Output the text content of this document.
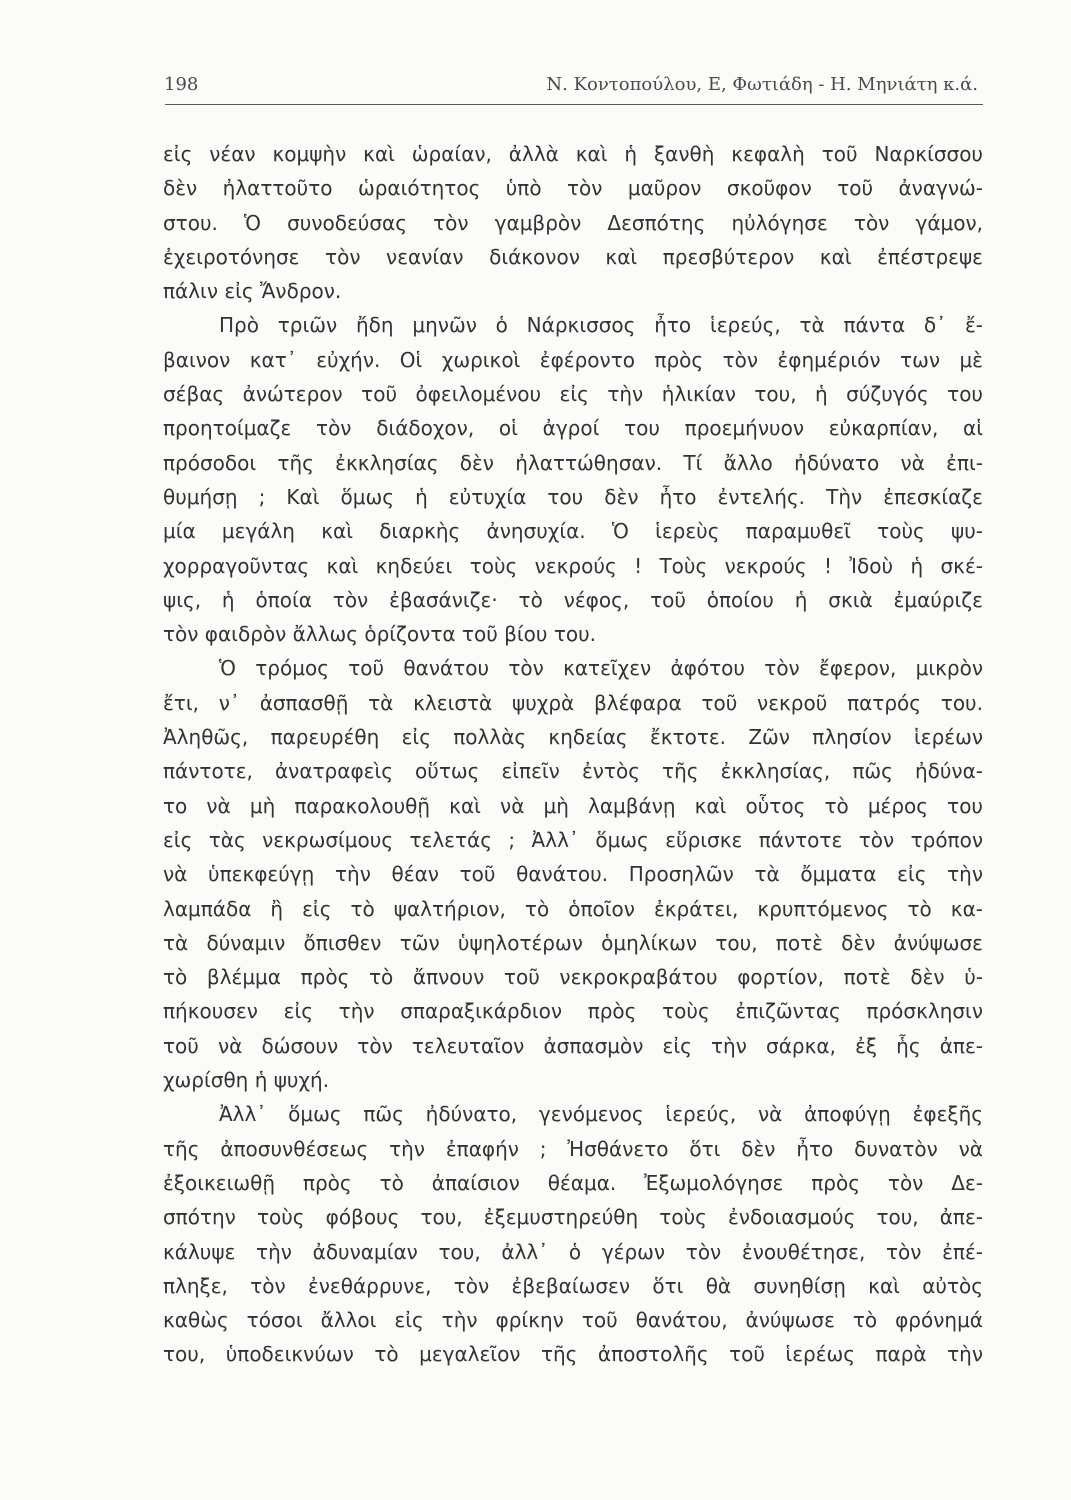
198	Ν. Κοντοπούλου, Ε, Φωτιάδη - Η. Μηνιάτη κ.ά.
εἰς νέαν κομψὴν καὶ ὡραίαν, ἀλλὰ καὶ ἡ ξανθὴ κεφαλὴ τοῦ Ναρκίσσου
δὲν ἠλαττοῦτο ὡραιότητος ὑπὸ τὸν μαῦρον σκοῦφον τοῦ ἀναγνώ-
στου. Ὁ συνοδεύσας τὸν γαμβρὸν Δεσπότης ηὐλόγησε τὸν γάμον,
ἐχειροτόνησε τὸν νεανίαν διάκονον καὶ πρεσβύτερον καὶ ἐπέστρεψε
πάλιν εἰς Ἄνδρον.
Πρὸ τριῶν ἤδη μηνῶν ὁ Νάρκισσος ἦτο ἱερεύς, τὰ πάντα δ᾽ ἔ-
βαινον κατ᾽ εὐχήν. Οἱ χωρικοὶ ἐφέροντο πρὸς τὸν ἐφημέριόν των μὲ
σέβας ἀνώτερον τοῦ ὀφειλομένου εἰς τὴν ἡλικίαν του, ἡ σύζυγός του
προητοίμαζε τὸν διάδοχον, οἱ ἀγροί του προεμήνυον εὐκαρπίαν, αἱ
πρόσοδοι τῆς ἐκκλησίας δὲν ἠλαττώθησαν. Τί ἄλλο ἠδύνατο νὰ ἐπι-
θυμήσῃ ; Καὶ ὅμως ἡ εὐτυχία του δὲν ἦτο ἐντελής. Τὴν ἐπεσκίαζε
μία μεγάλη καὶ διαρκὴς ἀνησυχία. Ὁ ἱερεὺς παραμυθεῖ τοὺς ψυ-
χορραγοῦντας καὶ κηδεύει τοὺς νεκρούς ! Τοὺς νεκρούς ! Ἰδοὺ ἡ σκέ-
ψις, ἡ ὁποία τὸν ἐβασάνιζε· τὸ νέφος, τοῦ ὁποίου ἡ σκιὰ ἐμαύριζε
τὸν φαιδρὸν ἄλλως ὁρίζοντα τοῦ βίου του.
Ὁ τρόμος τοῦ θανάτου τὸν κατεῖχεν ἀφότου τὸν ἔφερον, μικρὸν
ἔτι, ν᾽ ἀσπασθῇ τὰ κλειστὰ ψυχρὰ βλέφαρα τοῦ νεκροῦ πατρός του.
Ἀληθῶς, παρευρέθη εἰς πολλὰς κηδείας ἔκτοτε. Ζῶν πλησίον ἱερέων
πάντοτε, ἀνατραφεὶς οὕτως εἰπεῖν ἐντὸς τῆς ἐκκλησίας, πῶς ἠδύνα-
το νὰ μὴ παρακολουθῇ καὶ νὰ μὴ λαμβάνῃ καὶ οὗτος τὸ μέρος του
εἰς τὰς νεκρωσίμους τελετάς ; Ἀλλ᾽ ὅμως εὕρισκε πάντοτε τὸν τρόπον
νὰ ὑπεκφεύγῃ τὴν θέαν τοῦ θανάτου. Προσηλῶν τὰ ὄμματα εἰς τὴν
λαμπάδα ἢ εἰς τὸ ψαλτήριον, τὸ ὁποῖον ἐκράτει, κρυπτόμενος τὸ κα-
τὰ δύναμιν ὄπισθεν τῶν ὑψηλοτέρων ὁμηλίκων του, ποτὲ δὲν ἀνύψωσε
τὸ βλέμμα πρὸς τὸ ἄπνουν τοῦ νεκροκραβάτου φορτίον, ποτὲ δὲν ὑ-
πήκουσεν εἰς τὴν σπαραξικάρδιον πρὸς τοὺς ἐπιζῶντας πρόσκλησιν
τοῦ νὰ δώσουν τὸν τελευταῖον ἀσπασμὸν εἰς τὴν σάρκα, ἐξ ἧς ἀπε-
χωρίσθη ἡ ψυχή.
Ἀλλ᾽ ὅμως πῶς ἠδύνατο, γενόμενος ἱερεύς, νὰ ἀποφύγῃ ἐφεξῆς
τῆς ἀποσυνθέσεως τὴν ἐπαφήν ; Ἠσθάνετο ὅτι δὲν ἦτο δυνατὸν νὰ
ἐξοικειωθῇ πρὸς τὸ ἀπαίσιον θέαμα. Ἐξωμολόγησε πρὸς τὸν Δε-
σπότην τοὺς φόβους του, ἐξεμυστηρεύθη τοὺς ἐνδοιασμούς του, ἀπε-
κάλυψε τὴν ἀδυναμίαν του, ἀλλ᾽ ὁ γέρων τὸν ἐνουθέτησε, τὸν ἐπέ-
πληξε, τὸν ἐνεθάρρυνε, τὸν ἐβεβαίωσεν ὅτι θὰ συνηθίσῃ καὶ αὐτὸς
καθὼς τόσοι ἄλλοι εἰς τὴν φρίκην τοῦ θανάτου, ἀνύψωσε τὸ φρόνημά
του, ὑποδεικνύων τὸ μεγαλεῖον τῆς ἀποστολῆς τοῦ ἱερέως παρὰ τὴν
